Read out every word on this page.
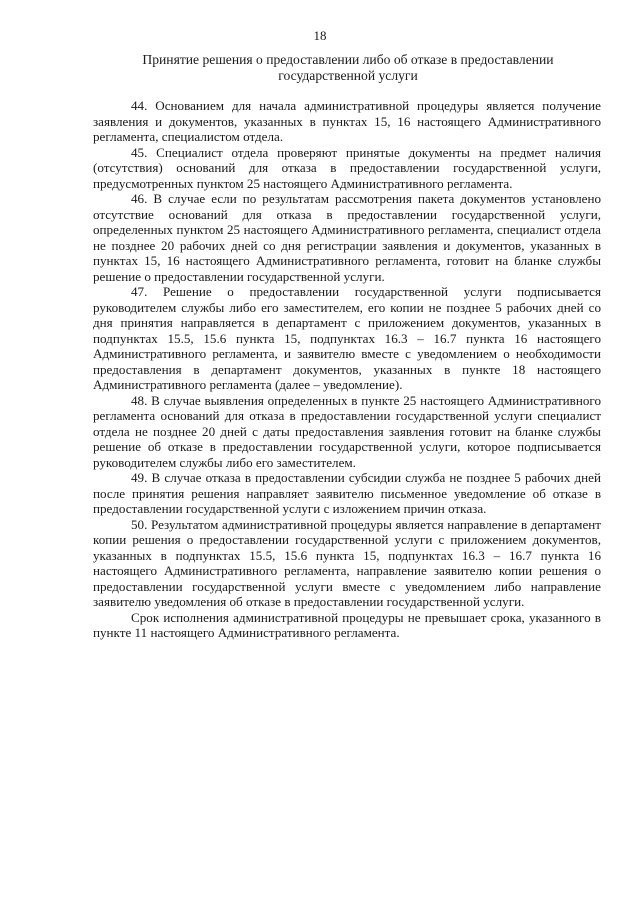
18
Принятие решения о предоставлении либо об отказе в предоставлении государственной услуги

44. Основанием для начала административной процедуры является получение заявления и документов, указанных в пунктах 15, 16 настоящего Административного регламента, специалистом отдела.

45. Специалист отдела проверяют принятые документы на предмет наличия (отсутствия) оснований для отказа в предоставлении государственной услуги, предусмотренных пунктом 25 настоящего Административного регламента.

46. В случае если по результатам рассмотрения пакета документов установлено отсутствие оснований для отказа в предоставлении государственной услуги, определенных пунктом 25 настоящего Административного регламента, специалист отдела не позднее 20 рабочих дней со дня регистрации заявления и документов, указанных в пунктах 15, 16 настоящего Административного регламента, готовит на бланке службы решение о предоставлении государственной услуги.

47. Решение о предоставлении государственной услуги подписывается руководителем службы либо его заместителем, его копии не позднее 5 рабочих дней со дня принятия направляется в департамент с приложением документов, указанных в подпунктах 15.5, 15.6 пункта 15, подпунктах 16.3 – 16.7 пункта 16 настоящего Административного регламента, и заявителю вместе с уведомлением о необходимости предоставления в департамент документов, указанных в пункте 18 настоящего Административного регламента (далее – уведомление).

48. В случае выявления определенных в пункте 25 настоящего Административного регламента оснований для отказа в предоставлении государственной услуги специалист отдела не позднее 20 дней с даты предоставления заявления готовит на бланке службы решение об отказе в предоставлении государственной услуги, которое подписывается руководителем службы либо его заместителем.

49. В случае отказа в предоставлении субсидии служба не позднее 5 рабочих дней после принятия решения направляет заявителю письменное уведомление об отказе в предоставлении государственной услуги с изложением причин отказа.

50. Результатом административной процедуры является направление в департамент копии решения о предоставлении государственной услуги с приложением документов, указанных в подпунктах 15.5, 15.6 пункта 15, подпунктах 16.3 – 16.7 пункта 16 настоящего Административного регламента, направление заявителю копии решения о предоставлении государственной услуги вместе с уведомлением либо направление заявителю уведомления об отказе в предоставлении государственной услуги.

Срок исполнения административной процедуры не превышает срока, указанного в пункте 11 настоящего Административного регламента.
